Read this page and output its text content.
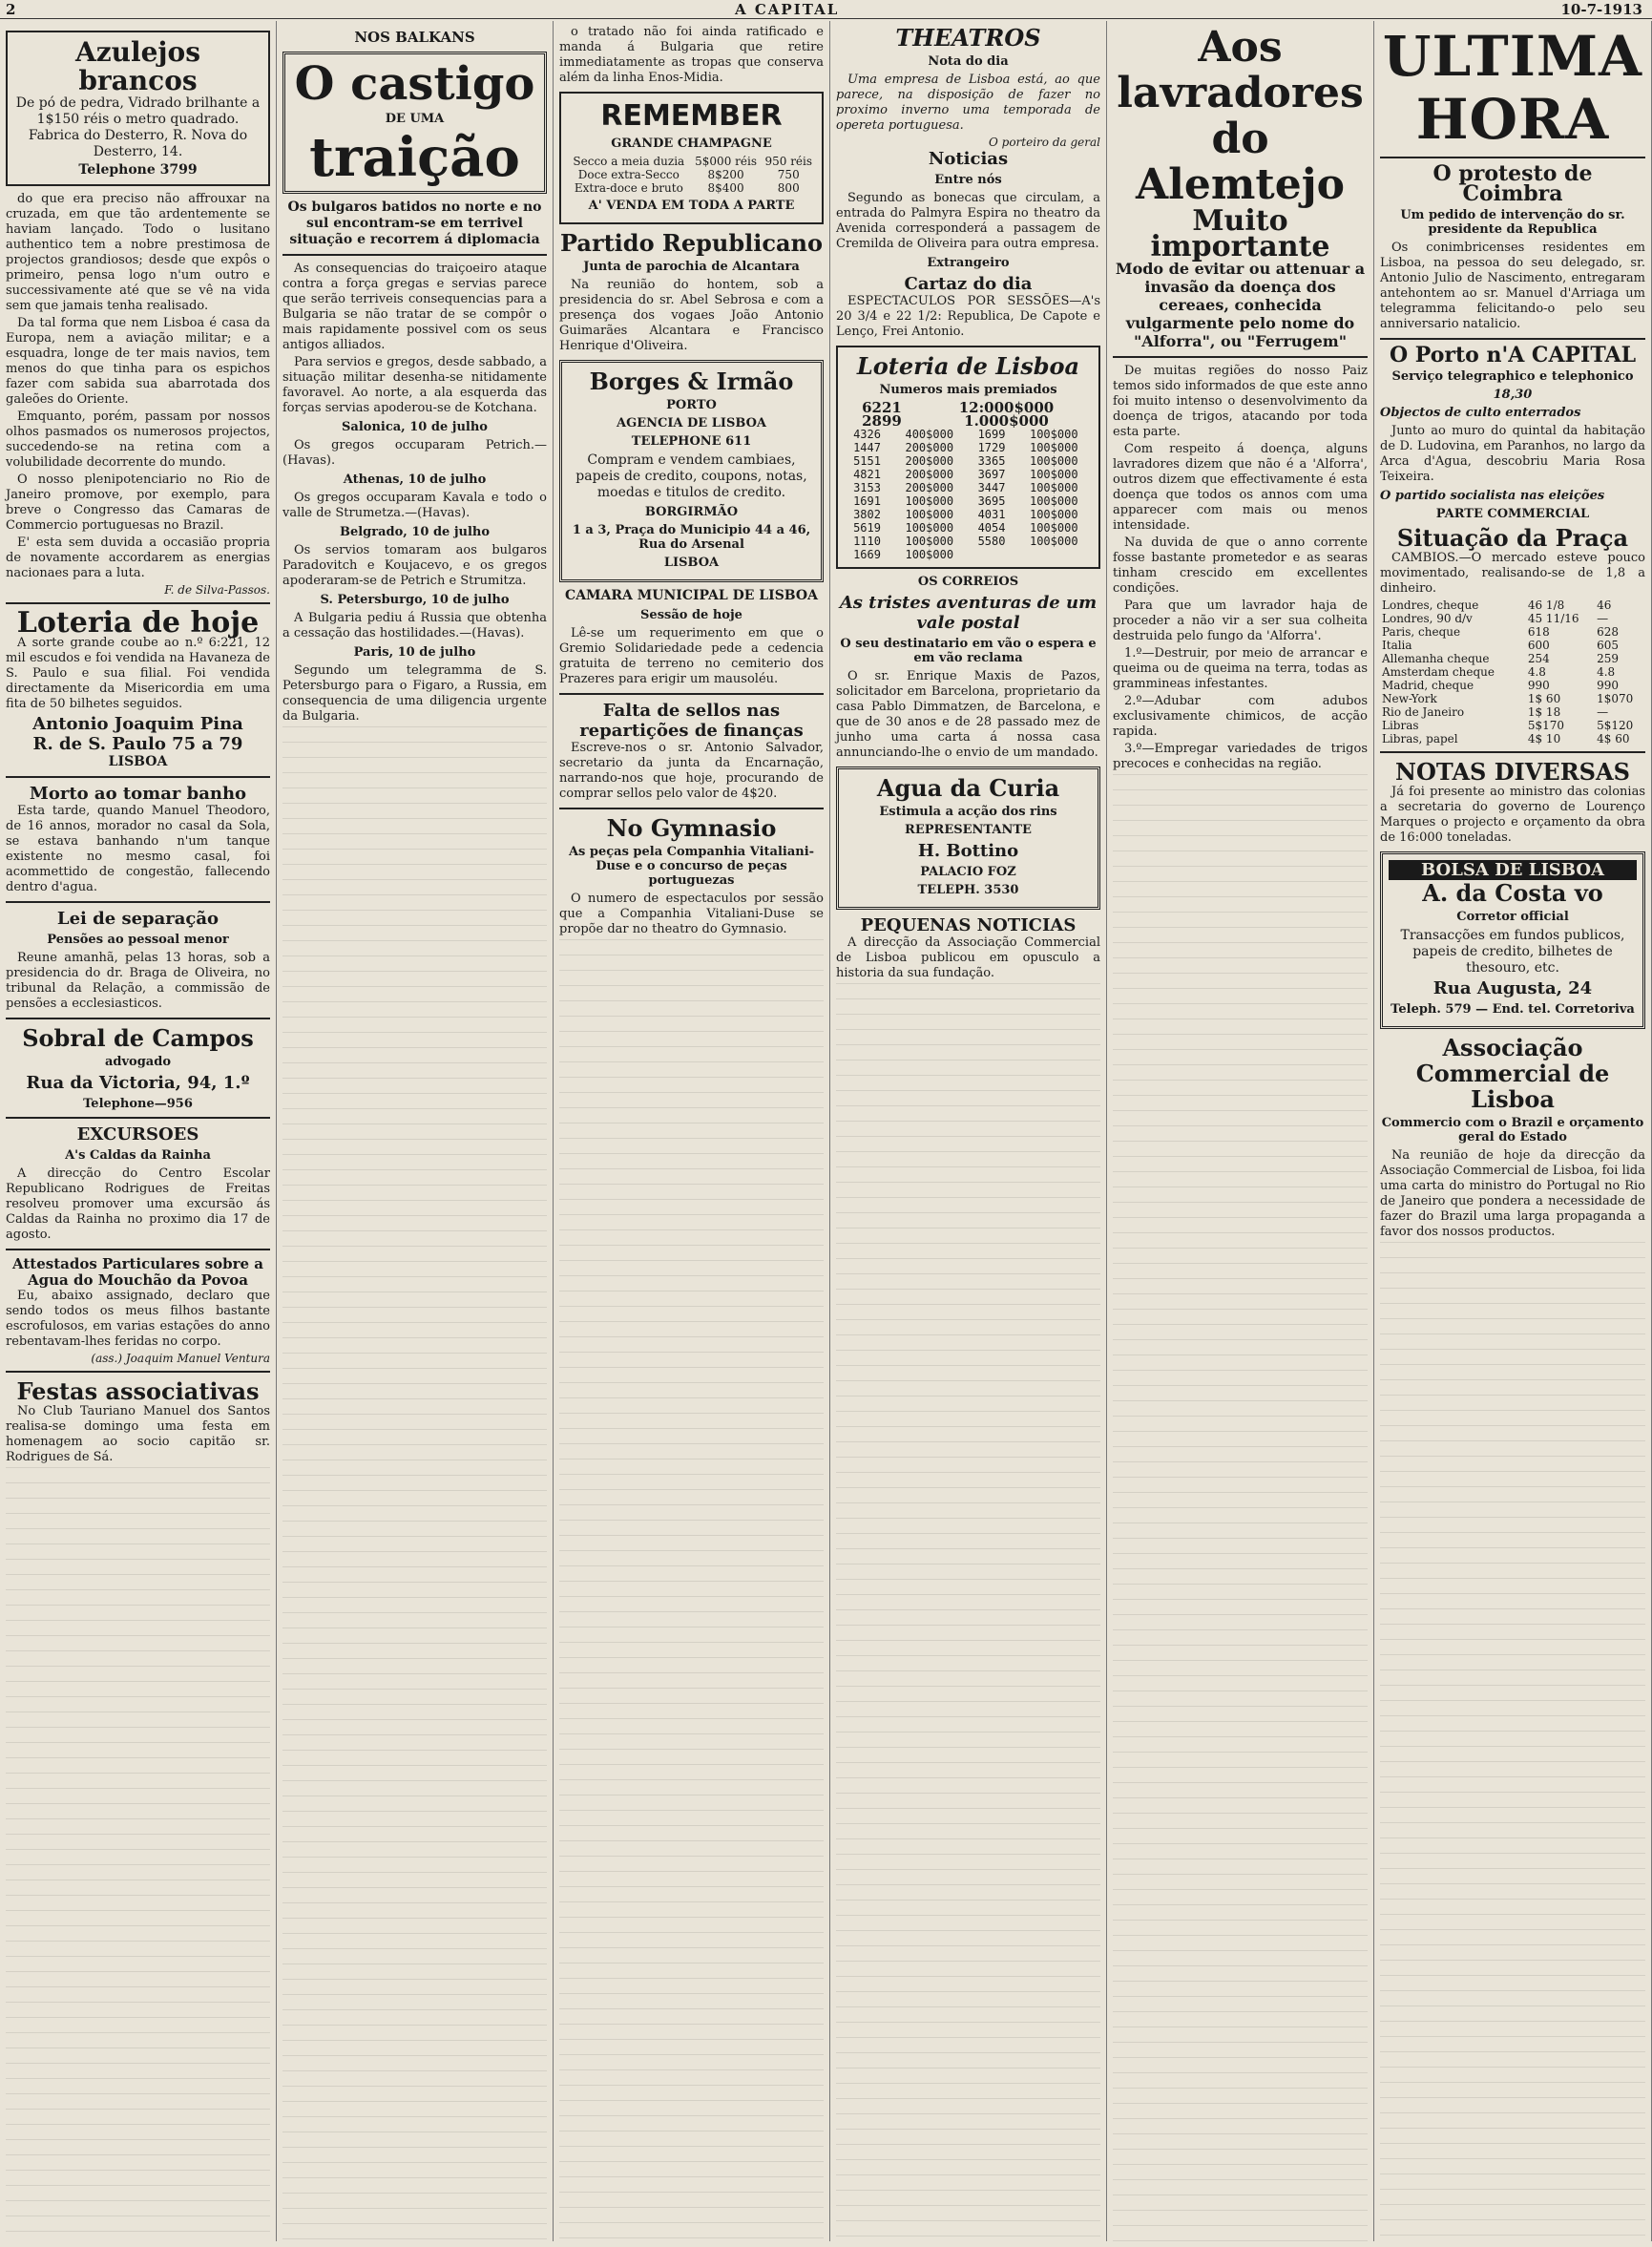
2	A CAPITAL	10-7-1913
Azulejos brancos

De pó de pedra, Vidrado brilhante a 1$150 réis o metro quadrado. Fabrica do Desterro, R. Nova do Desterro, 14.

Telephone 3799

do que era preciso não affrouxar na cruzada, em que tão ardentemente se haviam lançado. Todo o lusitano authentico tem a nobre prestimosa de projectos grandiosos; desde que expôs o primeiro, pensa logo n'um outro e successivamente até que se vê na vida sem que jamais tenha realisado.

Da tal forma que nem Lisboa é casa da Europa, nem a aviação militar; e a esquadra, longe de ter mais navios, tem menos do que tinha para os espichos fazer com sabida sua abarrotada dos galeões do Oriente.

Emquanto, porém, passam por nossos olhos pasmados os numerosos projectos, succedendo-se na retina com a volubilidade decorrente do mundo.

O nosso plenipotenciario no Rio de Janeiro promove, por exemplo, para breve o Congresso das Camaras de Commercio portuguesas no Brazil.

E' esta sem duvida a occasião propria de novamente accordarem as energias nacionaes para a luta.

F. de Silva-Passos.
Loteria de hoje

A sorte grande coube ao n.º 6:221, 12 mil escudos e foi vendida na Havaneza de S. Paulo e sua filial. Foi vendida directamente da Misericordia em uma fita de 50 bilhetes seguidos.

Antonio Joaquim Pina
R. de S. Paulo 75 a 79
LISBOA
Morto ao tomar banho

Esta tarde, quando Manuel Theodoro, de 16 annos, morador no casal da Sola, se estava banhando n'um tanque existente no mesmo casal, foi acommettido de congestão, fallecendo dentro d'agua.

Lei de separação
Pensões ao pessoal menor

Reune amanhã, pelas 13 horas, sob a presidencia do dr. Braga de Oliveira, no tribunal da Relação, a commissão de pensões a ecclesiasticos.

Sobral de Campos
advogado
Rua da Victoria, 94, 1.º
Telephone—956
EXCURSOES
A's Caldas da Rainha

A direcção do Centro Escolar Republicano Rodrigues de Freitas resolveu promover uma excursão ás Caldas da Rainha no proximo dia 17 de agosto.

Attestados Particulares sobre a Agua do Mouchão da Povoa

Eu, abaixo assignado, declaro que sendo todos os meus filhos bastante escrofulosos, em varias estações do anno rebentavam-lhes feridas no corpo.

(ass.) Joaquim Manuel Ventura
Festas associativas

No Club Tauriano Manuel dos Santos realisa-se domingo uma festa em homenagem ao socio capitão sr. Rodrigues de Sá.

NOS BALKANS
O castigo
DE UMA
traição
Os bulgaros batidos no norte e no sul encontram-se em terrivel situação e recorrem á diplomacia

As consequencias do traiçoeiro ataque contra a força gregas e servias parece que serão terriveis consequencias para a Bulgaria se não tratar de se compôr o mais rapidamente possivel com os seus antigos alliados.

Para servios e gregos, desde sabbado, a situação militar desenha-se nitidamente favoravel. Ao norte, a ala esquerda das forças servias apoderou-se de Kotchana.

Salonica, 10 de julho

Os gregos occuparam Petrich.—(Havas).

Athenas, 10 de julho

Os gregos occuparam Kavala e todo o valle de Strumetza.—(Havas).

Belgrado, 10 de julho

Os servios tomaram aos bulgaros Paradovitch e Koujacevo, e os gregos apoderaram-se de Petrich e Strumitza.

S. Petersburgo, 10 de julho

A Bulgaria pediu á Russia que obtenha a cessação das hostilidades.—(Havas).

Paris, 10 de julho

Segundo um telegramma de S. Petersburgo para o Figaro, a Russia, em consequencia de uma diligencia urgente da Bulgaria.

o tratado não foi ainda ratificado e manda á Bulgaria que retire immediatamente as tropas que conserva além da linha Enos-Midia.

REMEMBER
GRANDE CHAMPAGNE
Secco a meia duzia	5$000 réis	950 réis
Doce extra-Secco	8$200	750
Extra-doce e bruto	8$400	800
A' VENDA EM TODA A PARTE
Partido Republicano
Junta de parochia de Alcantara

Na reunião do hontem, sob a presidencia do sr. Abel Sebrosa e com a presença dos vogaes João Antonio Guimarães Alcantara e Francisco Henrique d'Oliveira.

Borges & Irmão
PORTO
AGENCIA DE LISBOA
TELEPHONE 611

Compram e vendem cambiaes, papeis de credito, coupons, notas, moedas e titulos de credito.

BORGIRMÃO
1 a 3, Praça do Municipio 44 a 46, Rua do Arsenal
LISBOA
CAMARA MUNICIPAL DE LISBOA
Sessão de hoje

Lê-se um requerimento em que o Gremio Solidariedade pede a cedencia gratuita de terreno no cemiterio dos Prazeres para erigir um mausoléu.

Falta de sellos nas repartições de finanças

Escreve-nos o sr. Antonio Salvador, secretario da junta da Encarnação, narrando-nos que hoje, procurando de comprar sellos pelo valor de 4$20.

No Gymnasio
As peças pela Companhia Vitaliani-Duse e o concurso de peças portuguezas

O numero de espectaculos por sessão que a Companhia Vitaliani-Duse se propõe dar no theatro do Gymnasio.

THEATROS
Nota do dia

Uma empresa de Lisboa está, ao que parece, na disposição de fazer no proximo inverno uma temporada de opereta portuguesa.

O porteiro da geral
Noticias
Entre nós

Segundo as bonecas que circulam, a entrada do Palmyra Espira no theatro da Avenida corresponderá a passagem de Cremilda de Oliveira para outra empresa.

Extrangeiro
Cartaz do dia

ESPECTACULOS POR SESSÕES—A's 20 3/4 e 22 1/2: Republica, De Capote e Lenço, Frei Antonio.

Loteria de Lisboa
Numeros mais premiados
6221	12:000$000
2899	1.000$000
4326	400$000	1699	100$000
1447	200$000	1729	100$000
5151	200$000	3365	100$000
4821	200$000	3697	100$000
3153	200$000	3447	100$000
1691	100$000	3695	100$000
3802	100$000	4031	100$000
5619	100$000	4054	100$000
1110	100$000	5580	100$000
1669	100$000		
OS CORREIOS
As tristes aventuras de um vale postal
O seu destinatario em vão o espera e em vão reclama

O sr. Enrique Maxis de Pazos, solicitador em Barcelona, proprietario da casa Pablo Dimmatzen, de Barcelona, e que de 30 anos e de 28 passado mez de junho uma carta á nossa casa annunciando-lhe o envio de um mandado.

Agua da Curia
Estimula a acção dos rins
REPRESENTANTE
H. Bottino
PALACIO FOZ
TELEPH. 3530
PEQUENAS NOTICIAS

A direcção da Associação Commercial de Lisboa publicou em opusculo a historia da sua fundação.

Aos lavradores do Alemtejo
Muito importante
Modo de evitar ou attenuar a invasão da doença dos cereaes, conhecida vulgarmente pelo nome do "Alforra", ou "Ferrugem"

De muitas regiões do nosso Paiz temos sido informados de que este anno foi muito intenso o desenvolvimento da doença de trigos, atacando por toda esta parte.

Com respeito á doença, alguns lavradores dizem que não é a 'Alforra', outros dizem que effectivamente é esta doença que todos os annos com uma apparecer com mais ou menos intensidade.

Na duvida de que o anno corrente fosse bastante prometedor e as searas tinham crescido em excellentes condições.

Para que um lavrador haja de proceder a não vir a ser sua colheita destruida pelo fungo da 'Alforra'.

1.º—Destruir, por meio de arrancar e queima ou de queima na terra, todas as grammineas infestantes.

2.º—Adubar com adubos exclusivamente chimicos, de acção rapida.

3.º—Empregar variedades de trigos precoces e conhecidas na região.

ULTIMA HORA
O protesto de Coimbra
Um pedido de intervenção do sr. presidente da Republica

Os conimbricenses residentes em Lisboa, na pessoa do seu delegado, sr. Antonio Julio de Nascimento, entregaram antehontem ao sr. Manuel d'Arriaga um telegramma felicitando-o pelo seu anniversario natalicio.

O Porto n'A CAPITAL
Serviço telegraphico e telephonico
18,30
Objectos de culto enterrados

Junto ao muro do quintal da habitação de D. Ludovina, em Paranhos, no largo da Arca d'Agua, descobriu Maria Rosa Teixeira.

O partido socialista nas eleições
PARTE COMMERCIAL
Situação da Praça

CAMBIOS.—O mercado esteve pouco movimentado, realisando-se de 1,8 a dinheiro.

Londres, cheque	46 1/8	46
Londres, 90 d/v	45 11/16	—
Paris, cheque	618	628
Italia	600	605
Allemanha cheque	254	259
Amsterdam cheque	4.8	4.8
Madrid, cheque	990	990
New-York	1$ 60	1$070
Rio de Janeiro	1$ 18	—
Libras	5$170	5$120
Libras, papel	4$ 10	4$ 60
NOTAS DIVERSAS

Já foi presente ao ministro das colonias a secretaria do governo de Lourenço Marques o projecto e orçamento da obra de 16:000 toneladas.

BOLSA DE LISBOA
A. da Costa vo
Corretor official

Transacções em fundos publicos, papeis de credito, bilhetes de thesouro, etc.

Rua Augusta, 24
Teleph. 579 — End. tel. Corretoriva
Associação Commercial de Lisboa
Commercio com o Brazil e orçamento geral do Estado

Na reunião de hoje da direcção da Associação Commercial de Lisboa, foi lida uma carta do ministro do Portugal no Rio de Janeiro que pondera a necessidade de fazer do Brazil uma larga propaganda a favor dos nossos productos.
